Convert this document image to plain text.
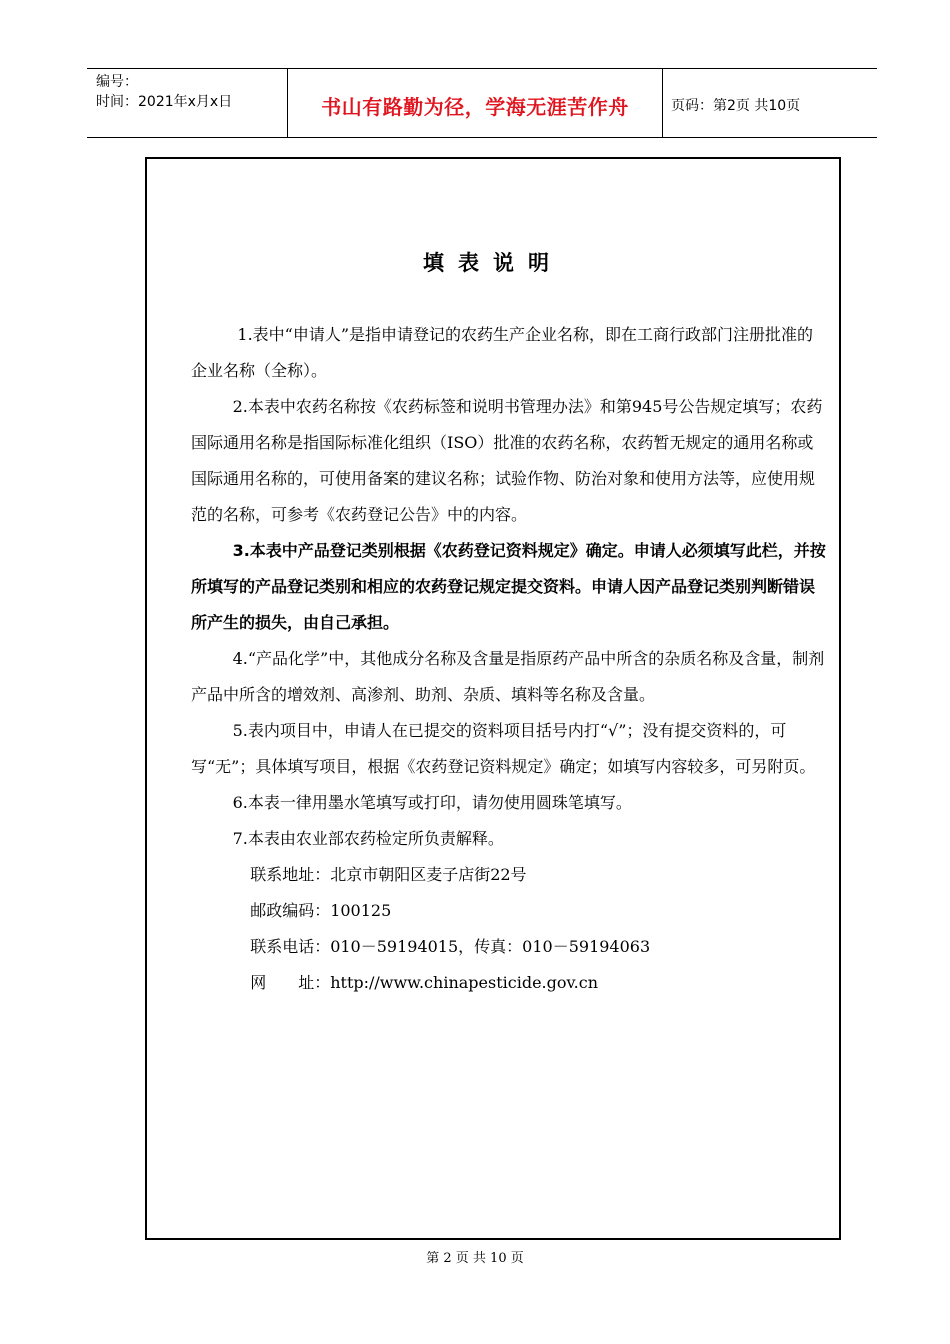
编号：
时间：2021年x月x日	书山有路勤为径，学海无涯苦作舟	页码：第2页 共10页
填表说明

1.表中“申请人”是指申请登记的农药生产企业名称，即在工商行政部门注册批准的企业名称（全称）。

2.本表中农药名称按《农药标签和说明书管理办法》和第945号公告规定填写；农药国际通用名称是指国际标准化组织（ISO）批准的农药名称，农药暂无规定的通用名称或国际通用名称的，可使用备案的建议名称；试验作物、防治对象和使用方法等，应使用规范的名称，可参考《农药登记公告》中的内容。

3.本表中产品登记类别根据《农药登记资料规定》确定。申请人必须填写此栏，并按所填写的产品登记类别和相应的农药登记规定提交资料。申请人因产品登记类别判断错误所产生的损失，由自己承担。

4.“产品化学”中，其他成分名称及含量是指原药产品中所含的杂质名称及含量，制剂产品中所含的增效剂、高渗剂、助剂、杂质、填料等名称及含量。

5.表内项目中，申请人在已提交的资料项目括号内打“√”；没有提交资料的，可写“无”；具体填写项目，根据《农药登记资料规定》确定；如填写内容较多，可另附页。

6.本表一律用墨水笔填写或打印，请勿使用圆珠笔填写。

7.本表由农业部农药检定所负责解释。

联系地址：北京市朝阳区麦子店街22号

邮政编码：100125

联系电话：010－59194015，传真：010－59194063

网 址：http://www.chinapesticide.gov.cn

第 2 页 共 10 页
